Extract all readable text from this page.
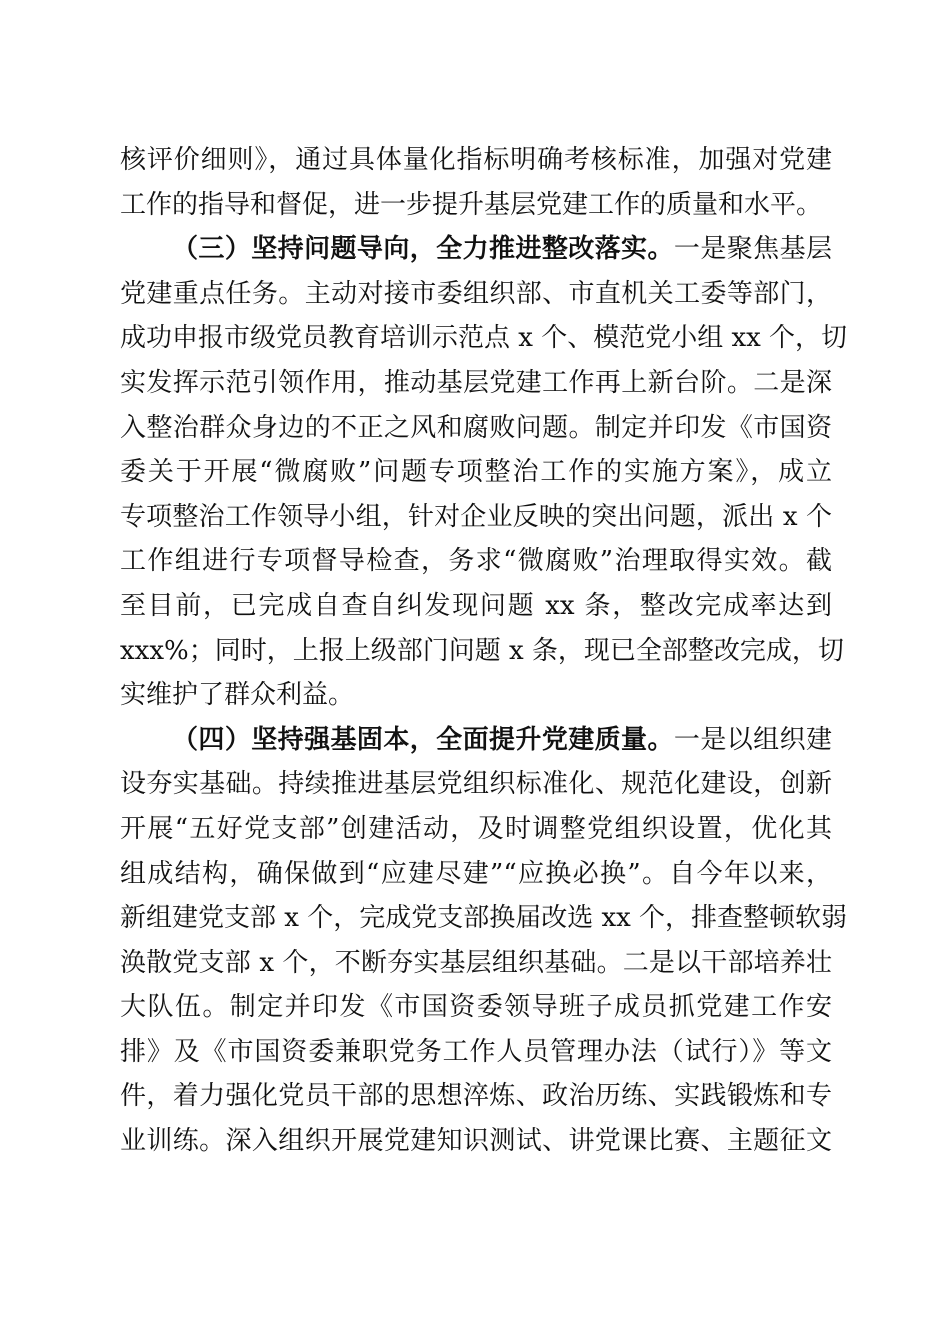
核评价细则》，通过具体量化指标明确考核标准，加强对党建
工作的指导和督促，进一步提升基层党建工作的质量和水平。
（三）坚持问题导向，全力推进整改落实。一是聚焦基层
党建重点任务。主动对接市委组织部、市直机关工委等部门，
成功申报市级党员教育培训示范点 x 个、模范党小组 xx 个，切
实发挥示范引领作用，推动基层党建工作再上新台阶。二是深
入整治群众身边的不正之风和腐败问题。制定并印发《市国资
委关于开展“微腐败”问题专项整治工作的实施方案》，成立
专项整治工作领导小组，针对企业反映的突出问题，派出 x 个
工作组进行专项督导检查，务求“微腐败”治理取得实效。截
至目前，已完成自查自纠发现问题 xx 条，整改完成率达到
xxx%；同时，上报上级部门问题 x 条，现已全部整改完成，切
实维护了群众利益。
（四）坚持强基固本，全面提升党建质量。一是以组织建
设夯实基础。持续推进基层党组织标准化、规范化建设，创新
开展“五好党支部”创建活动，及时调整党组织设置，优化其
组成结构，确保做到“应建尽建”“应换必换”。自今年以来，
新组建党支部 x 个，完成党支部换届改选 xx 个，排查整顿软弱
涣散党支部 x 个，不断夯实基层组织基础。二是以干部培养壮
大队伍。制定并印发《市国资委领导班子成员抓党建工作安
排》及《市国资委兼职党务工作人员管理办法（试行）》等文
件，着力强化党员干部的思想淬炼、政治历练、实践锻炼和专
业训练。深入组织开展党建知识测试、讲党课比赛、主题征文
